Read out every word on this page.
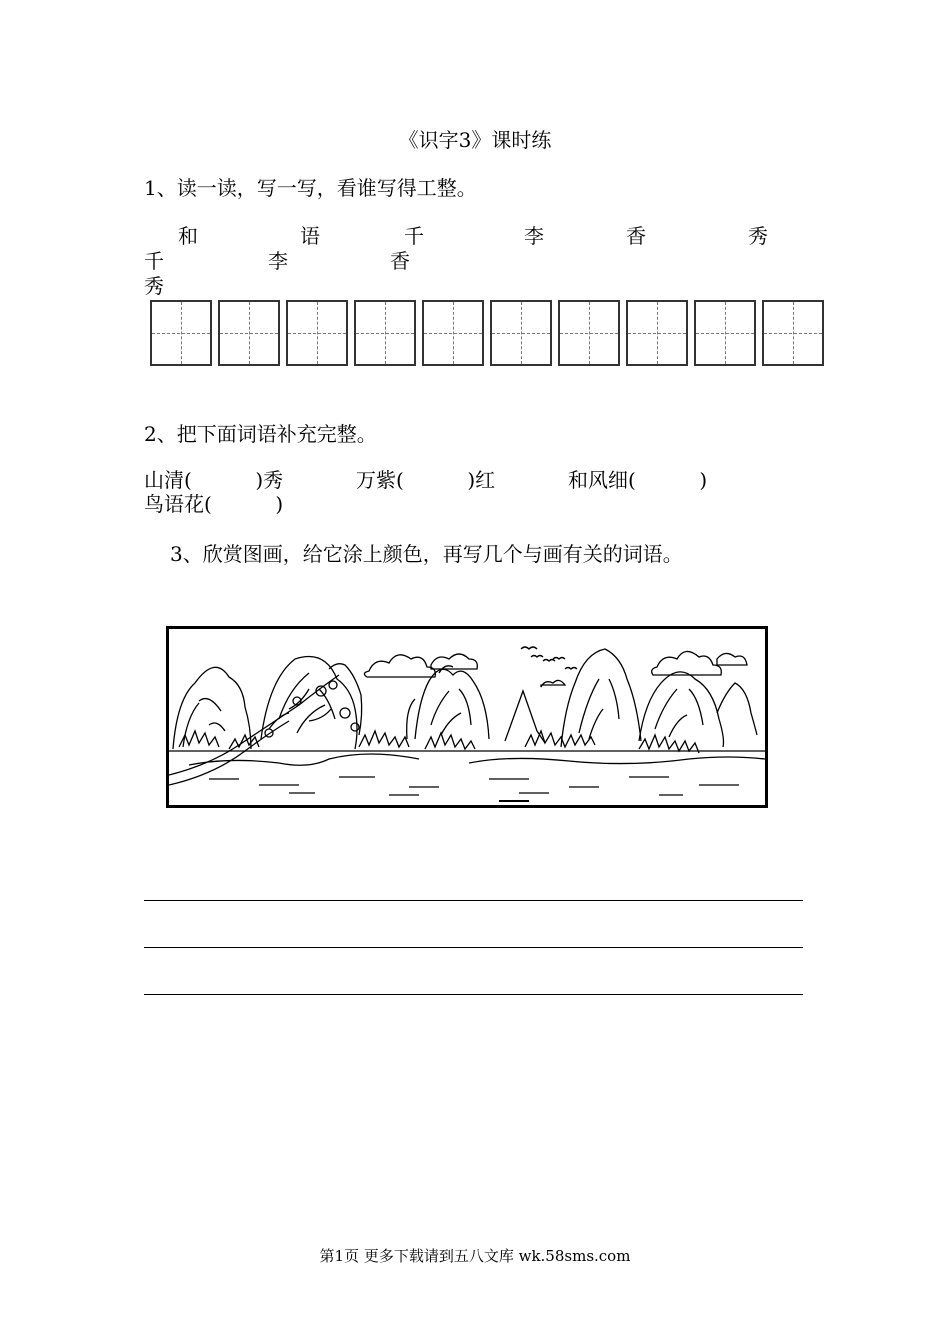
《识字3》课时练
1、读一读，写一写，看谁写得工整。
和	语	千	李	香	秀
千	李	香
秀
2、把下面词语补充完整。
山清(          )秀	万紫(          )红	和风细(          )
鸟语花(          )
3、欣赏图画，给它涂上颜色，再写几个与画有关的词语。
第1页 更多下载请到五八文库 wk.58sms.com
